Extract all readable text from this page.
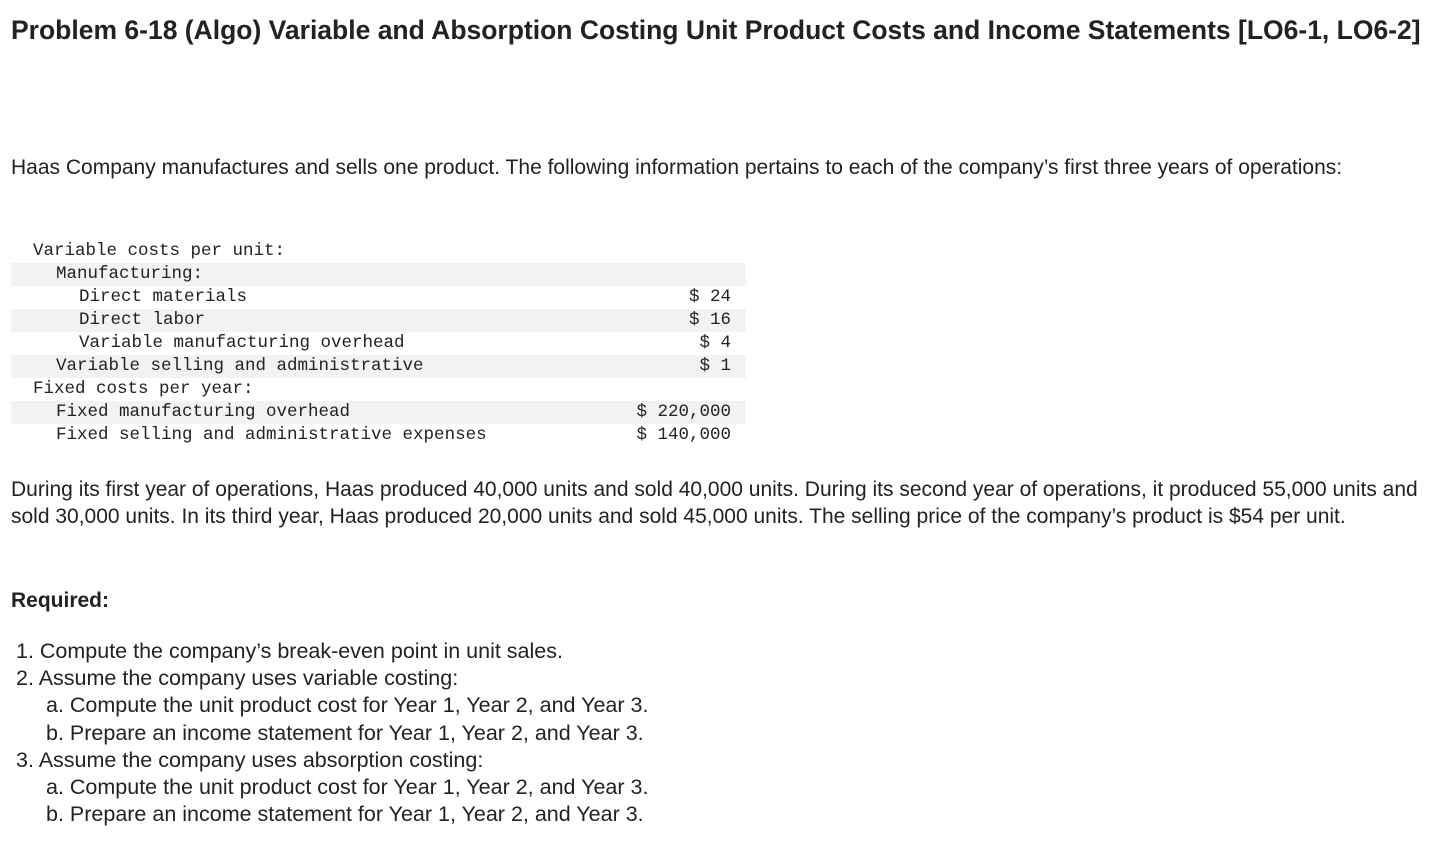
Problem 6-18 (Algo) Variable and Absorption Costing Unit Product Costs and Income Statements [LO6-1, LO6-2]

Haas Company manufactures and sells one product. The following information pertains to each of the company’s first three years of operations:

Variable costs per unit:	
Manufacturing:	
Direct materials	$ 24
Direct labor	$ 16
Variable manufacturing overhead	$ 4
Variable selling and administrative	$ 1
Fixed costs per year:	
Fixed manufacturing overhead	$ 220,000
Fixed selling and administrative expenses	$ 140,000

During its first year of operations, Haas produced 40,000 units and sold 40,000 units. During its second year of operations, it produced 55,000 units and sold 30,000 units. In its third year, Haas produced 20,000 units and sold 45,000 units. The selling price of the company’s product is $54 per unit.

Required:

1. Compute the company’s break-even point in unit sales.
2. Assume the company uses variable costing:
a. Compute the unit product cost for Year 1, Year 2, and Year 3.
b. Prepare an income statement for Year 1, Year 2, and Year 3.
3. Assume the company uses absorption costing:
a. Compute the unit product cost for Year 1, Year 2, and Year 3.
b. Prepare an income statement for Year 1, Year 2, and Year 3.
